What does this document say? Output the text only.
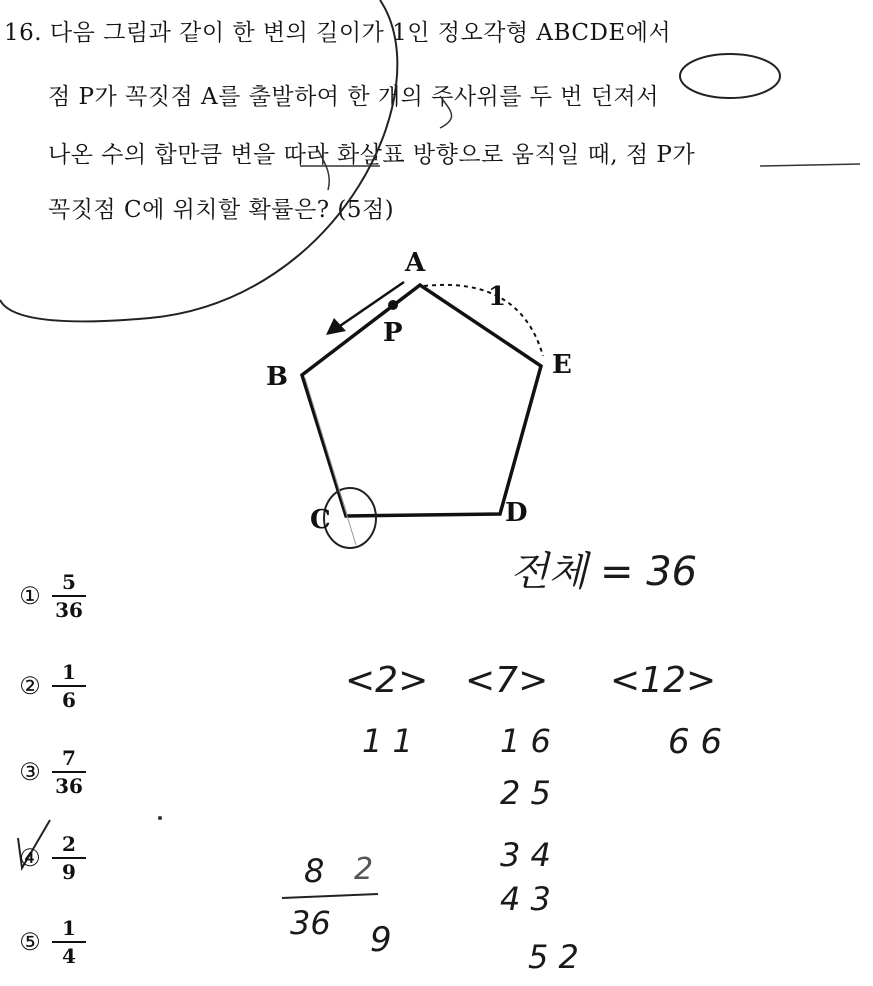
16. 다음 그림과 같이 한 변의 길이가 1인 정오각형 ABCDE에서
점 P가 꼭짓점 A를 출발하여 한 개의 주사위를 두 번 던져서
나온 수의 합만큼 변을 따라 화살표 방향으로 움직일 때, 점 P가
꼭짓점 C에 위치할 확률은? (5점)
A
B
C	D
E
P
1
① $\frac{5}{36}$
② $\frac{1}{6}$
③ $\frac{7}{36}$
④ $\frac{2}{9}$
⑤ $\frac{1}{4}$
전체 = 36
<2> <7> <12>
1 1	6 6
1 6
2 5
3 4
4 3
5 2
8
36
2
9
